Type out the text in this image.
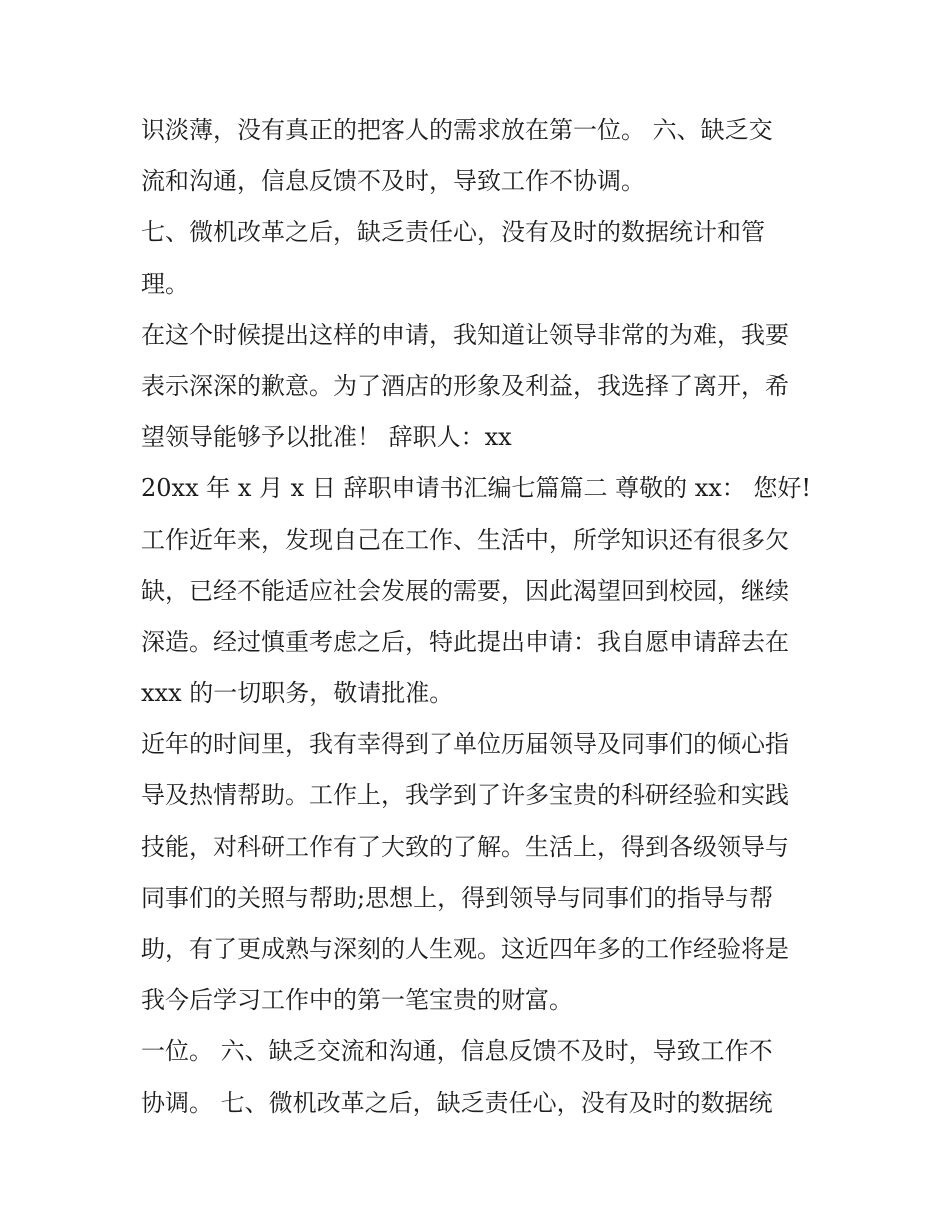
识淡薄，没有真正的把客人的需求放在第一位。 六、缺乏交
流和沟通，信息反馈不及时，导致工作不协调。
七、微机改革之后，缺乏责任心，没有及时的数据统计和管
理。
在这个时候提出这样的申请，我知道让领导非常的为难，我要
表示深深的歉意。为了酒店的形象及利益，我选择了离开，希
望领导能够予以批准！ 辞职人：xx
20xx 年 x 月 x 日 辞职申请书汇编七篇篇二 尊敬的 xx： 您好!
工作近年来，发现自己在工作、生活中，所学知识还有很多欠
缺，已经不能适应社会发展的需要，因此渴望回到校园，继续
深造。经过慎重考虑之后，特此提出申请：我自愿申请辞去在
xxx 的一切职务，敬请批准。
近年的时间里，我有幸得到了单位历届领导及同事们的倾心指
导及热情帮助。工作上，我学到了许多宝贵的科研经验和实践
技能，对科研工作有了大致的了解。生活上，得到各级领导与
同事们的关照与帮助;思想上，得到领导与同事们的指导与帮
助，有了更成熟与深刻的人生观。这近四年多的工作经验将是
我今后学习工作中的第一笔宝贵的财富。
一位。 六、缺乏交流和沟通，信息反馈不及时，导致工作不
协调。 七、微机改革之后，缺乏责任心，没有及时的数据统
